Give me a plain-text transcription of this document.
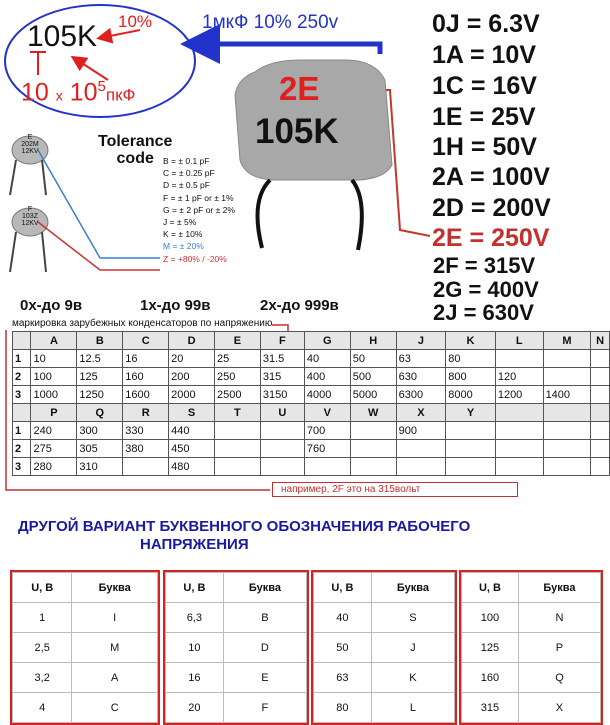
105K 10%
10 x $10^5пкФ$
1мкФ 10% 250v
2E
105K
0J = 6.3V
1A = 10V
1C = 16V
1E = 25V
1H = 50V
2A = 100V
2D = 200V
2E = 250V
2F = 315V
2G = 400V
2J = 630V
E
202M
12KV
F
103Z
12KV
Tolerance
code	B = ± 0.1 pF
C = ± 0.25 pF
D = ± 0.5 pF
F = ± 1 pF or ± 1%
G = ± 2 pF or ± 2%
J = ± 5%
K = ± 10%
M = ± 20%
Z = +80% / -20%
0x-до 9в	1x-до 99в	2x-до 999в
маркировка зарубежных конденсаторов по напряжению
	A	B	C	D	E	F	G	H	J	K	L	M	N
1	10	12.5	16	20	25	31.5	40	50	63	80			
2	100	125	160	200	250	315	400	500	630	800	120		
3	1000	1250	1600	2000	2500	3150	4000	5000	6300	8000	1200	1400	
	P	Q	R	S	T	U	V	W	X	Y			
1	240	300	330	440			700		900				
2	275	305	380	450			760						
3	280	310		480									
например, 2F это на 315вольт
ДРУГОЙ ВАРИАНТ БУКВЕННОГО ОБОЗНАЧЕНИЯ РАБОЧЕГО
НАПРЯЖЕНИЯ
U, B	Буква
1	I
2,5	M
3,2	A
4	C
U, B	Буква
6,3	B
10	D
16	E
20	F
U, B	Буква
40	S
50	J
63	K
80	L
U, B	Буква
100	N
125	P
160	Q
315	X
